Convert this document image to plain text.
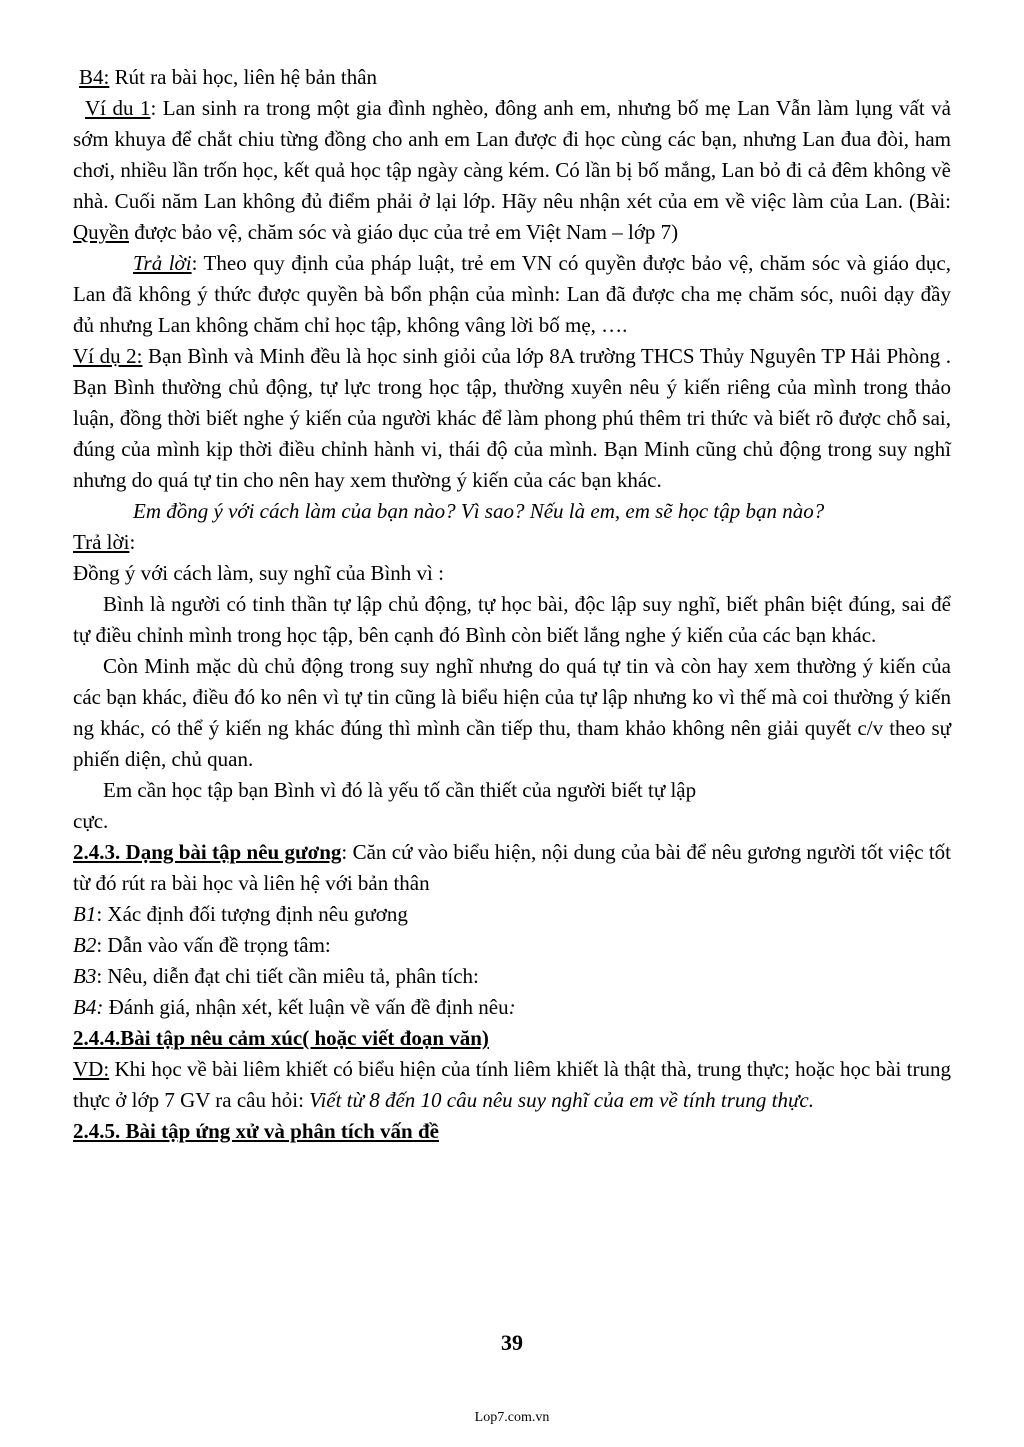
B4: Rút ra bài học, liên hệ bản thân

Ví du 1: Lan sinh ra trong một gia đình nghèo, đông anh em, nhưng bố mẹ Lan Vẫn làm lụng vất vả sớm khuya để chắt chiu từng đồng cho anh em Lan được đi học cùng các bạn, nhưng Lan đua đòi, ham chơi, nhiều lần trốn học, kết quả học tập ngày càng kém. Có lần bị bố mắng, Lan bỏ đi cả đêm không về nhà. Cuối năm Lan không đủ điểm phải ở lại lớp. Hãy nêu nhận xét của em về việc làm của Lan. (Bài: Quyền được bảo vệ, chăm sóc và giáo dục của trẻ em Việt Nam – lớp 7)

Trả lời: Theo quy định của pháp luật, trẻ em VN có quyền được bảo vệ, chăm sóc và giáo dục, Lan đã không ý thức được quyền bà bổn phận của mình: Lan đã được cha mẹ chăm sóc, nuôi dạy đầy đủ nhưng Lan không chăm chỉ học tập, không vâng lời bố mẹ, ….

Ví dụ 2: Bạn Bình và Minh đều là học sinh giỏi của lớp 8A trường THCS Thủy Nguyên TP Hải Phòng . Bạn Bình thường chủ động, tự lực trong học tập, thường xuyên nêu ý kiến riêng của mình trong thảo luận, đồng thời biết nghe ý kiến của người khác để làm phong phú thêm tri thức và biết rõ được chỗ sai, đúng của mình kịp thời điều chỉnh hành vi, thái độ của mình. Bạn Minh cũng chủ động trong suy nghĩ nhưng do quá tự tin cho nên hay xem thường ý kiến của các bạn khác.

Em đồng ý với cách làm của bạn nào? Vì sao? Nếu là em, em sẽ học tập bạn nào?

Trả lời:

Đồng ý với cách làm, suy nghĩ của Bình vì :

Bình là người có tinh thần tự lập chủ động, tự học bài, độc lập suy nghĩ, biết phân biệt đúng, sai để tự điều chỉnh mình trong học tập, bên cạnh đó Bình còn biết lắng nghe ý kiến của các bạn khác.

Còn Minh mặc dù chủ động trong suy nghĩ nhưng do quá tự tin và còn hay xem thường ý kiến của các bạn khác, điều đó ko nên vì tự tin cũng là biểu hiện của tự lập nhưng ko vì thế mà coi thường ý kiến ng khác, có thể ý kiến ng khác đúng thì mình cần tiếp thu, tham khảo không nên giải quyết c/v theo sự phiến diện, chủ quan.

Em cần học tập bạn Bình vì đó là yếu tố cần thiết của người biết tự lập

cực.

2.4.3. Dạng bài tập nêu gương: Căn cứ vào biểu hiện, nội dung của bài để nêu gương người tốt việc tốt từ đó rút ra bài học và liên hệ với bản thân

B1: Xác định đối tượng định nêu gương

B2: Dẫn vào vấn đề trọng tâm:

B3: Nêu, diễn đạt chi tiết cần miêu tả, phân tích:

B4: Đánh giá, nhận xét, kết luận về vấn đề định nêu:

2.4.4.Bài tập nêu cảm xúc( hoặc viết đoạn văn)

VD: Khi học về bài liêm khiết có biểu hiện của tính liêm khiết là thật thà, trung thực; hoặc học bài trung thực ở lớp 7 GV ra câu hỏi: Viết từ 8 đến 10 câu nêu suy nghĩ của em về tính trung thực.

2.4.5. Bài tập ứng xử và phân tích vấn đề

39
Lop7.com.vn
